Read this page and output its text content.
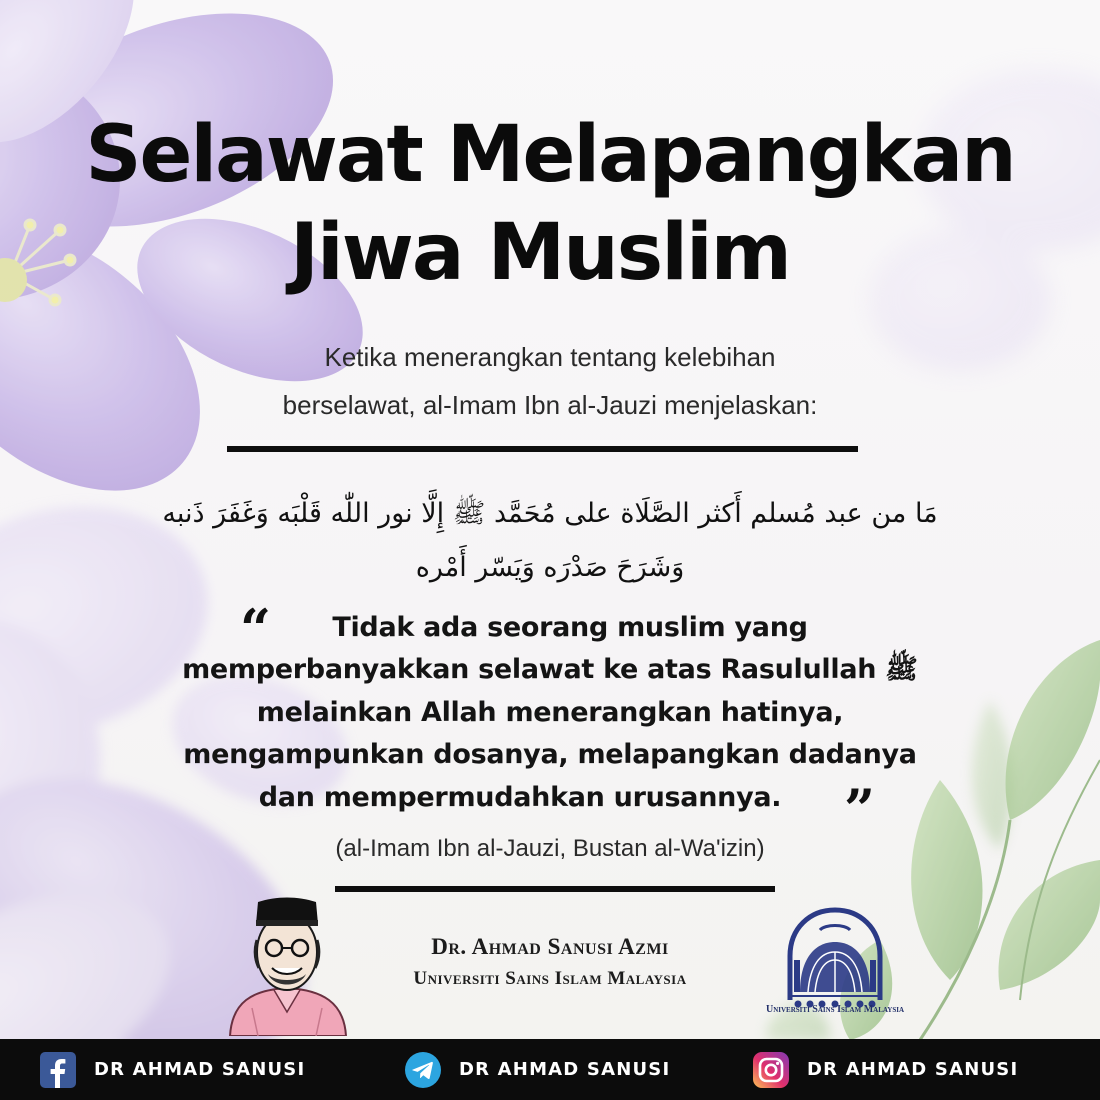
Selawat Melapangkan
Jiwa Muslim
Ketika menerangkan tentang kelebihan
berselawat, al-Imam Ibn al-Jauzi menjelaskan:
مَا من عبد مُسلم أَكثر الصَّلَاة على مُحَمَّد ﷺ إِلَّا نور اللّٰه قَلْبَه وَغَفَرَ ذَنبه
وَشَرَحَ صَدْرَه وَيَسّر أَمْره
“	Tidak ada seorang muslim yang
memperbanyakkan selawat ke atas Rasulullah ﷺ
melainkan Allah menerangkan hatinya,
mengampunkan dosanya, melapangkan dadanya
dan mempermudahkan urusannya.	”
(al-Imam Ibn al-Jauzi, Bustan al-Wa'izin)
Dr. Ahmad Sanusi Azmi
Universiti Sains Islam Malaysia
Universiti Sains Islam Malaysia
DR AHMAD SANUSI	DR AHMAD SANUSI	DR AHMAD SANUSI
